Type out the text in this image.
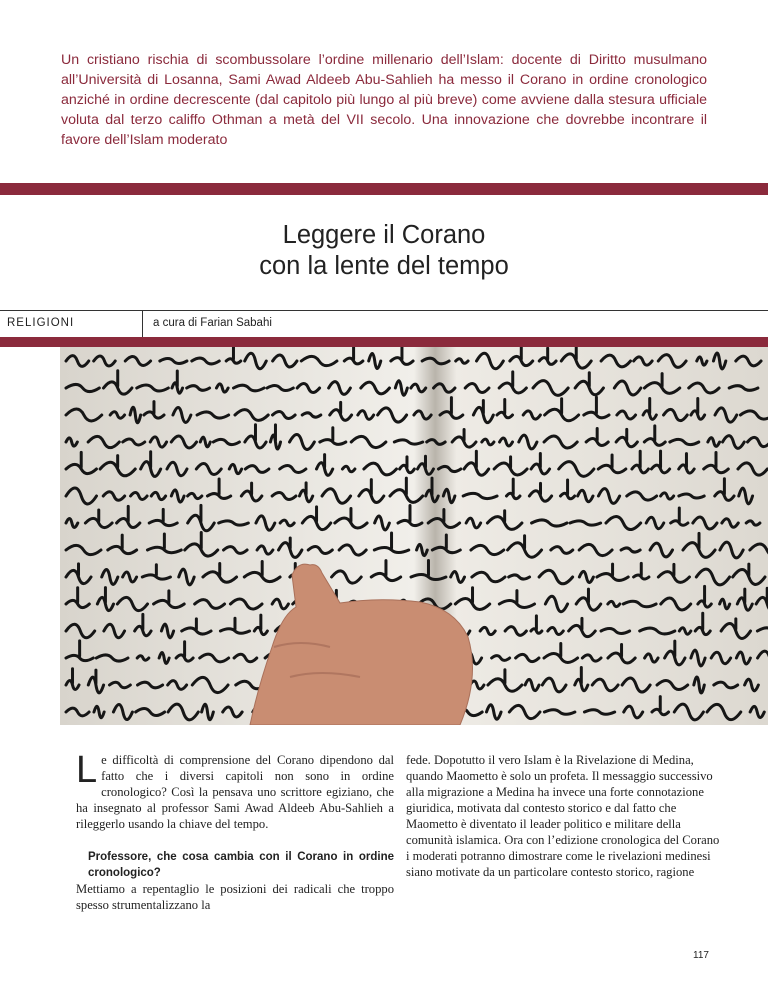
Un cristiano rischia di scombussolare l’ordine millenario dell’Islam: docente di Diritto musulmano all’Università di Losanna, Sami Awad Aldeeb Abu-Sahlieh ha messo il Corano in ordine cronologico anziché in ordine decrescente (dal capitolo più lungo al più breve) come avviene dalla stesura ufficiale voluta dal terzo califfo Othman a metà del VII secolo. Una innovazione che dovrebbe incontrare il favore dell’Islam moderato
Leggere il Corano
con la lente del tempo
RELIGIONI	a cura di Farian Sabahi

Le difficoltà di comprensione del Corano dipendono dal fatto che i diversi capitoli non sono in ordine cronologico? Così la pensava uno scrittore egiziano, che ha insegnato al professor Sami Awad Aldeeb Abu-Sahlieh a rileggerlo usando la chiave del tempo.

Professore, che cosa cambia con il Corano in ordine cronologico?

Mettiamo a repentaglio le posizioni dei radicali che troppo spesso strumentalizzano la

fede. Dopotutto il vero Islam è la Rivelazione di Medina, quando Maometto è solo un profeta. Il messaggio successivo alla migrazione a Medina ha invece una forte connotazione giuridica, motivata dal contesto storico e dal fatto che Maometto è diventato il leader politico e militare della comunità islamica. Ora con l’edizione cronologica del Corano i moderati potranno dimostrare come le rivelazioni medinesi siano motivate da un particolare contesto storico, ragione

117
